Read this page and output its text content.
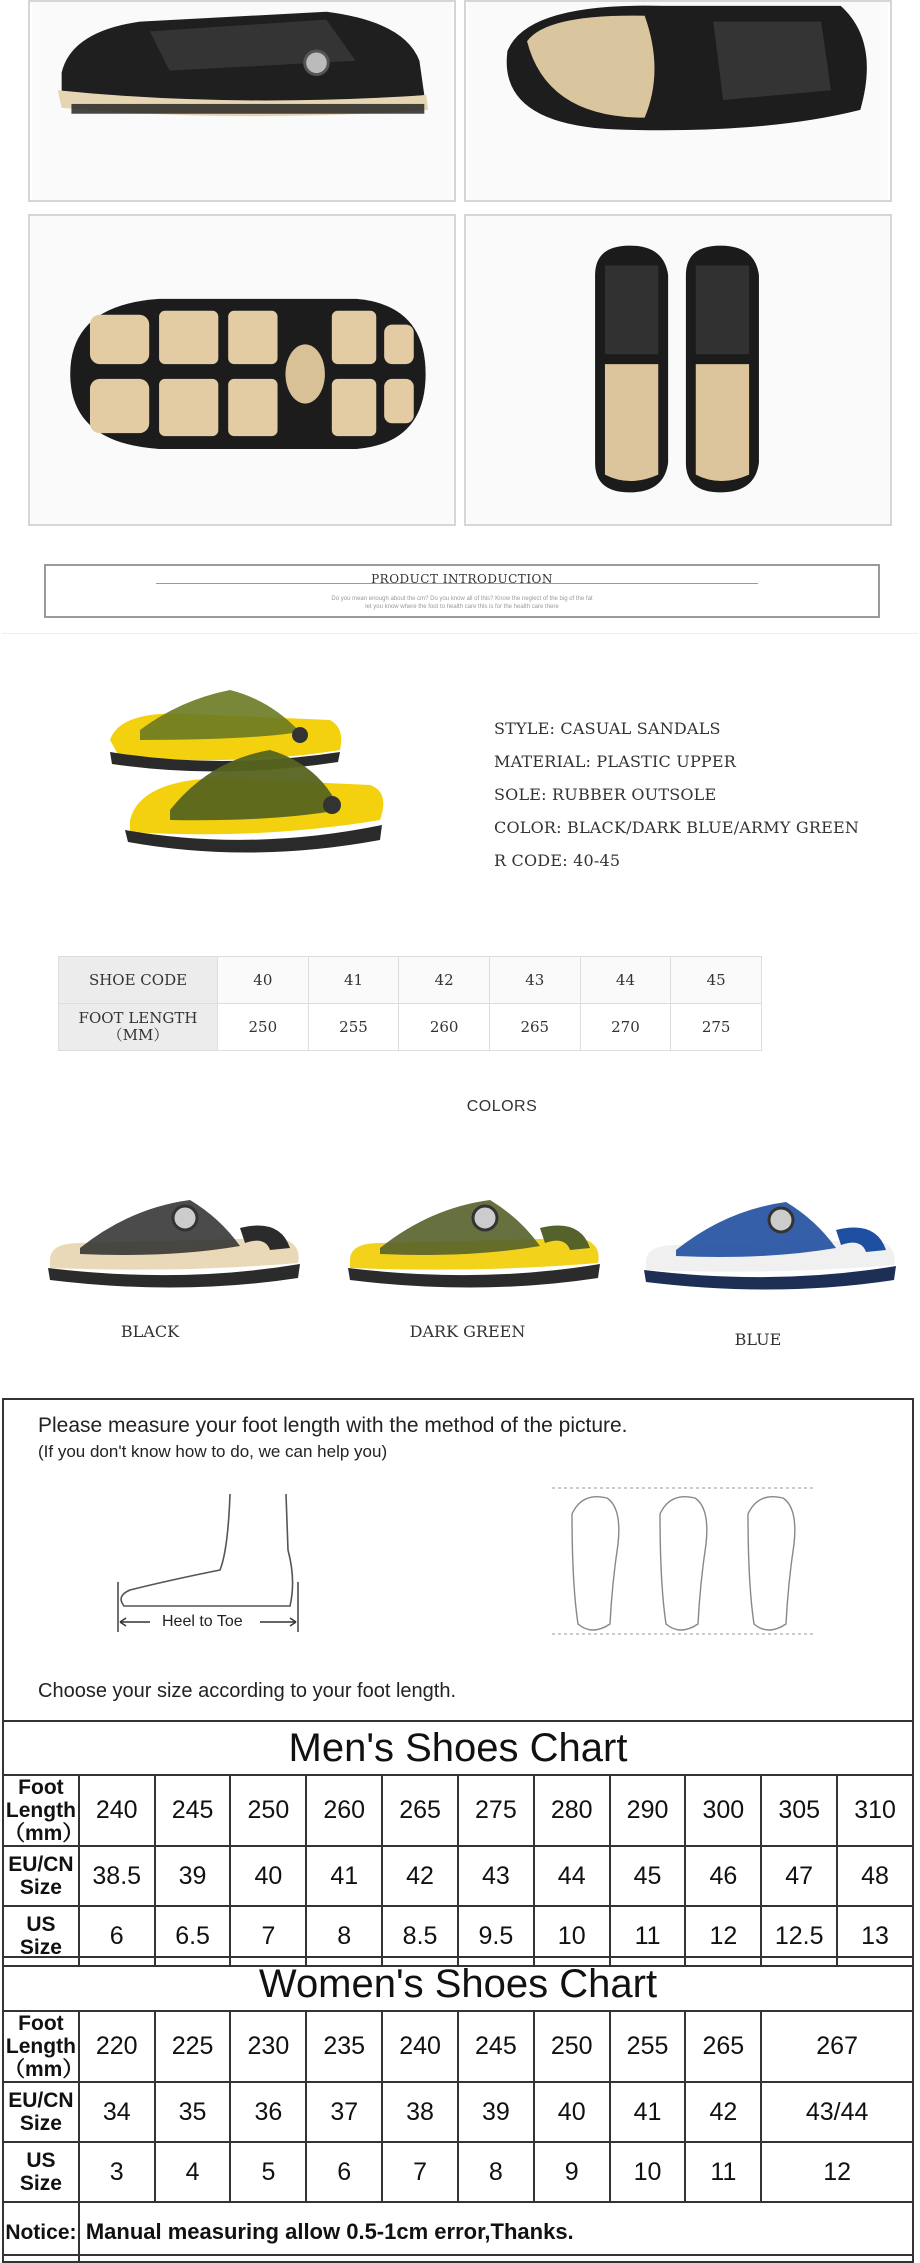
PRODUCT INTRODUCTION
Do you mean enough about the cm? Do you know all of this? Know the neglect of the big of the fat
let you know where the foot to health care this is for the health care there
STYLE: CASUAL SANDALS
MATERIAL: PLASTIC UPPER
SOLE: RUBBER OUTSOLE
COLOR: BLACK/DARK BLUE/ARMY GREEN
R CODE: 40-45
SHOE CODE	40	41	42	43	44	45
FOOT LENGTH
（MM）	250	255	260	265	270	275
COLORS
BLACK	DARK GREEN	BLUE
Please measure your foot length with the method of the picture.
(If you don't know how to do, we can help you)
Heel to Toe
Choose your size according to your foot length.
Men's Shoes Chart											
Foot
Length（mm）	240	245	250	260	265	275	280	290	300	305	310
EU/CN Size	38.5	39	40	41	42	43	44	45	46	47	48
US Size	6	6.5	7	8	8.5	9.5	10	11	12	12.5	13
Women's Shoes Chart										
Foot
Length（mm）	220	225	230	235	240	245	250	255	265	267
EU/CN Size	34	35	36	37	38	39	40	41	42	43/44
US Size	3	4	5	6	7	8	9	10	11	12
Notice:	Manual measuring allow 0.5-1cm error,Thanks.									
